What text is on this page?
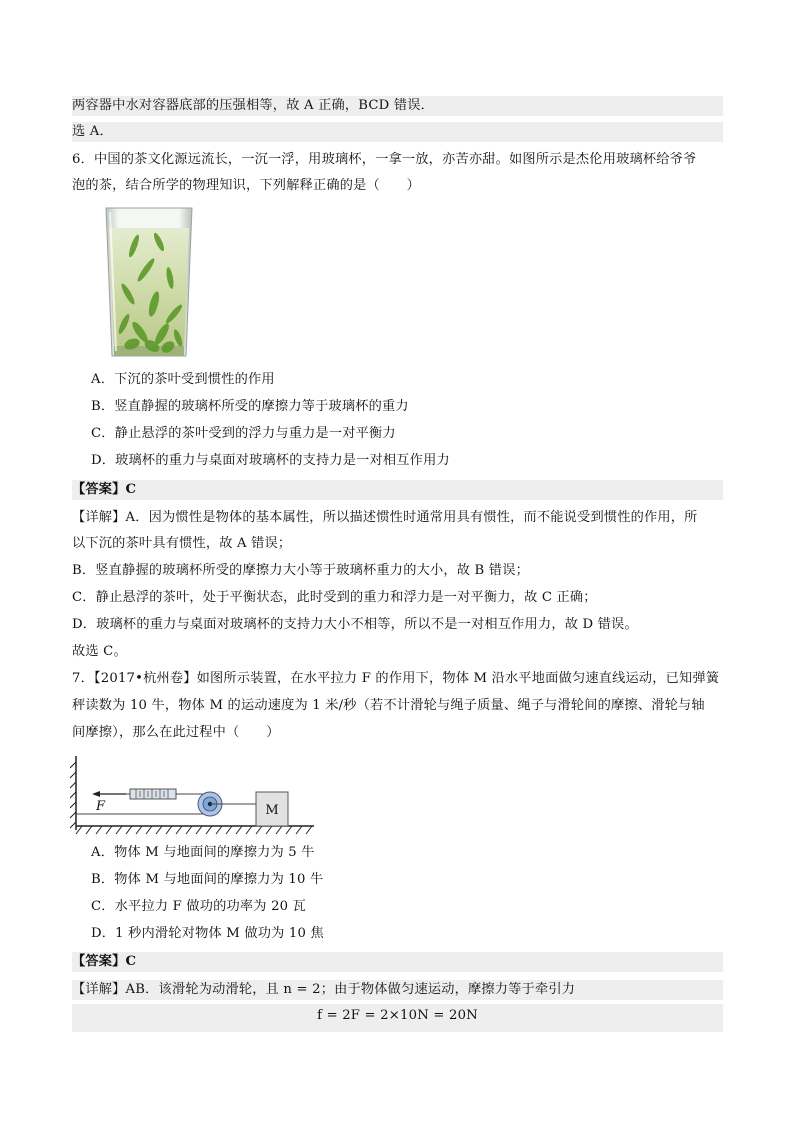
两容器中水对容器底部的压强相等，故 A 正确，BCD 错误．
选 A．
6．中国的茶文化源远流长，一沉一浮，用玻璃杯，一拿一放，亦苦亦甜。如图所示是杰伦用玻璃杯给爷爷
泡的茶，结合所学的物理知识，下列解释正确的是（　　）
A．下沉的茶叶受到惯性的作用
B．竖直静握的玻璃杯所受的摩擦力等于玻璃杯的重力
C．静止悬浮的茶叶受到的浮力与重力是一对平衡力
D．玻璃杯的重力与桌面对玻璃杯的支持力是一对相互作用力
【答案】C
【详解】A．因为惯性是物体的基本属性，所以描述惯性时通常用具有惯性，而不能说受到惯性的作用，所
以下沉的茶叶具有惯性，故 A 错误；
B．竖直静握的玻璃杯所受的摩擦力大小等于玻璃杯重力的大小，故 B 错误；
C．静止悬浮的茶叶，处于平衡状态，此时受到的重力和浮力是一对平衡力，故 C 正确；
D．玻璃杯的重力与桌面对玻璃杯的支持力大小不相等，所以不是一对相互作用力，故 D 错误。
故选 C。
7．【2017•杭州卷】如图所示装置，在水平拉力 F 的作用下，物体 M 沿水平地面做匀速直线运动，已知弹簧
秤读数为 10 牛，物体 M 的运动速度为 1 米/秒（若不计滑轮与绳子质量、绳子与滑轮间的摩擦、滑轮与轴
间摩擦），那么在此过程中（　　）
M
F
A．物体 M 与地面间的摩擦力为 5 牛
B．物体 M 与地面间的摩擦力为 10 牛
C．水平拉力 F 做功的功率为 20 瓦
D．1 秒内滑轮对物体 M 做功为 10 焦
【答案】C
【详解】AB．该滑轮为动滑轮，且 n = 2；由于物体做匀速运动，摩擦力等于牵引力
f = 2F = 2×10N = 20N
